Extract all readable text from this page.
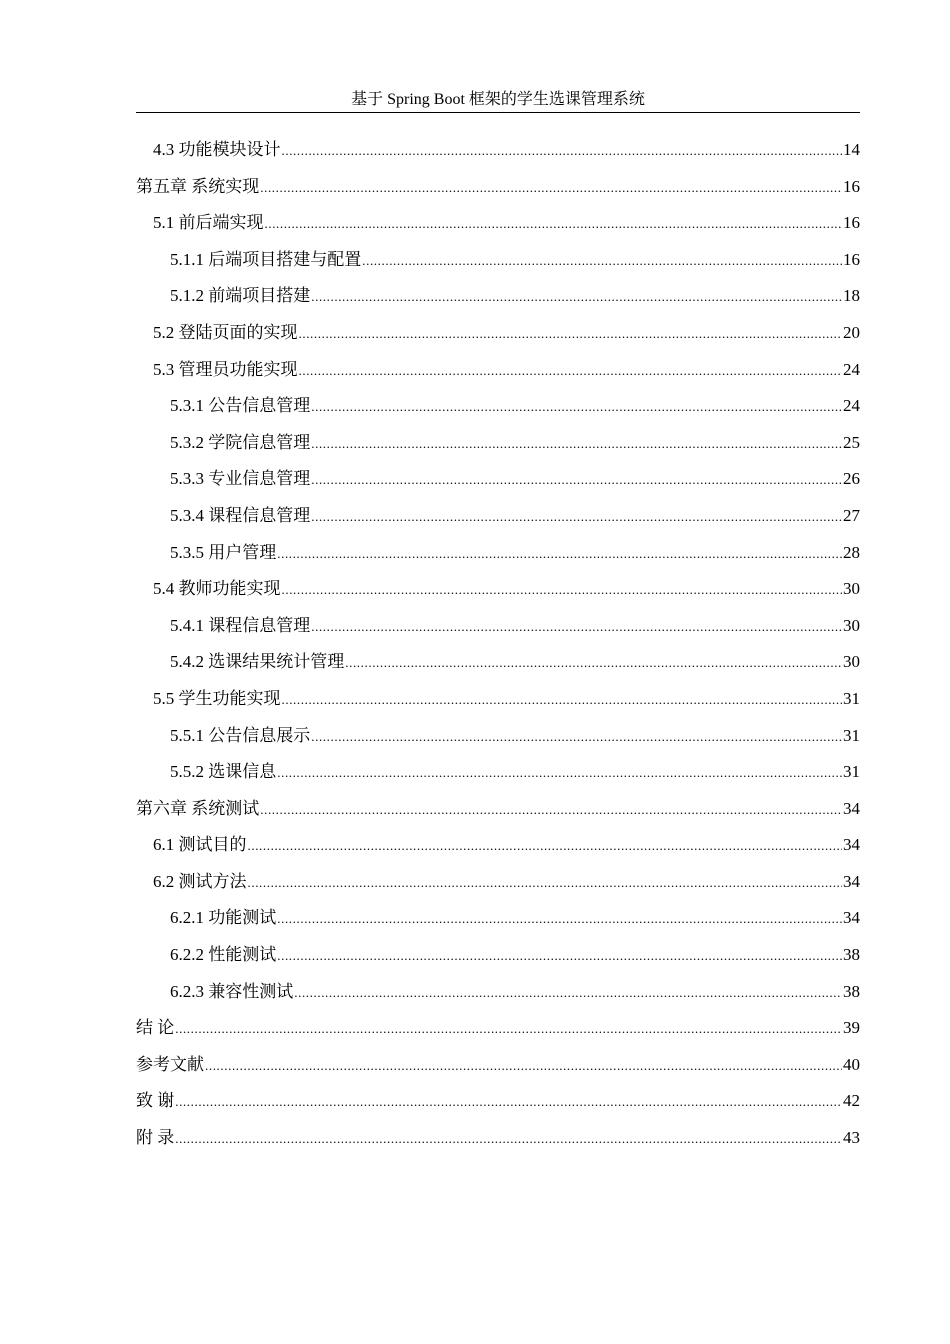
基于 Spring Boot 框架的学生选课管理系统
4.3 功能模块设计 .....	14
第五章 系统实现 .....	16
5.1 前后端实现 .....	16
5.1.1 后端项目搭建与配置 .....	16
5.1.2 前端项目搭建 .....	18
5.2 登陆页面的实现 .....	20
5.3 管理员功能实现 .....	24
5.3.1 公告信息管理 .....	24
5.3.2 学院信息管理 .....	25
5.3.3 专业信息管理 .....	26
5.3.4 课程信息管理 .....	27
5.3.5 用户管理 .....	28
5.4 教师功能实现 .....	30
5.4.1 课程信息管理 .....	30
5.4.2 选课结果统计管理 .....	30
5.5 学生功能实现 .....	31
5.5.1 公告信息展示 .....	31
5.5.2 选课信息 .....	31
第六章 系统测试 .....	34
6.1 测试目的 .....	34
6.2 测试方法 .....	34
6.2.1 功能测试 .....	34
6.2.2 性能测试 .....	38
6.2.3 兼容性测试 .....	38
结 论 .....	39
参考文献 .....	40
致 谢 .....	42
附 录 .....	43
